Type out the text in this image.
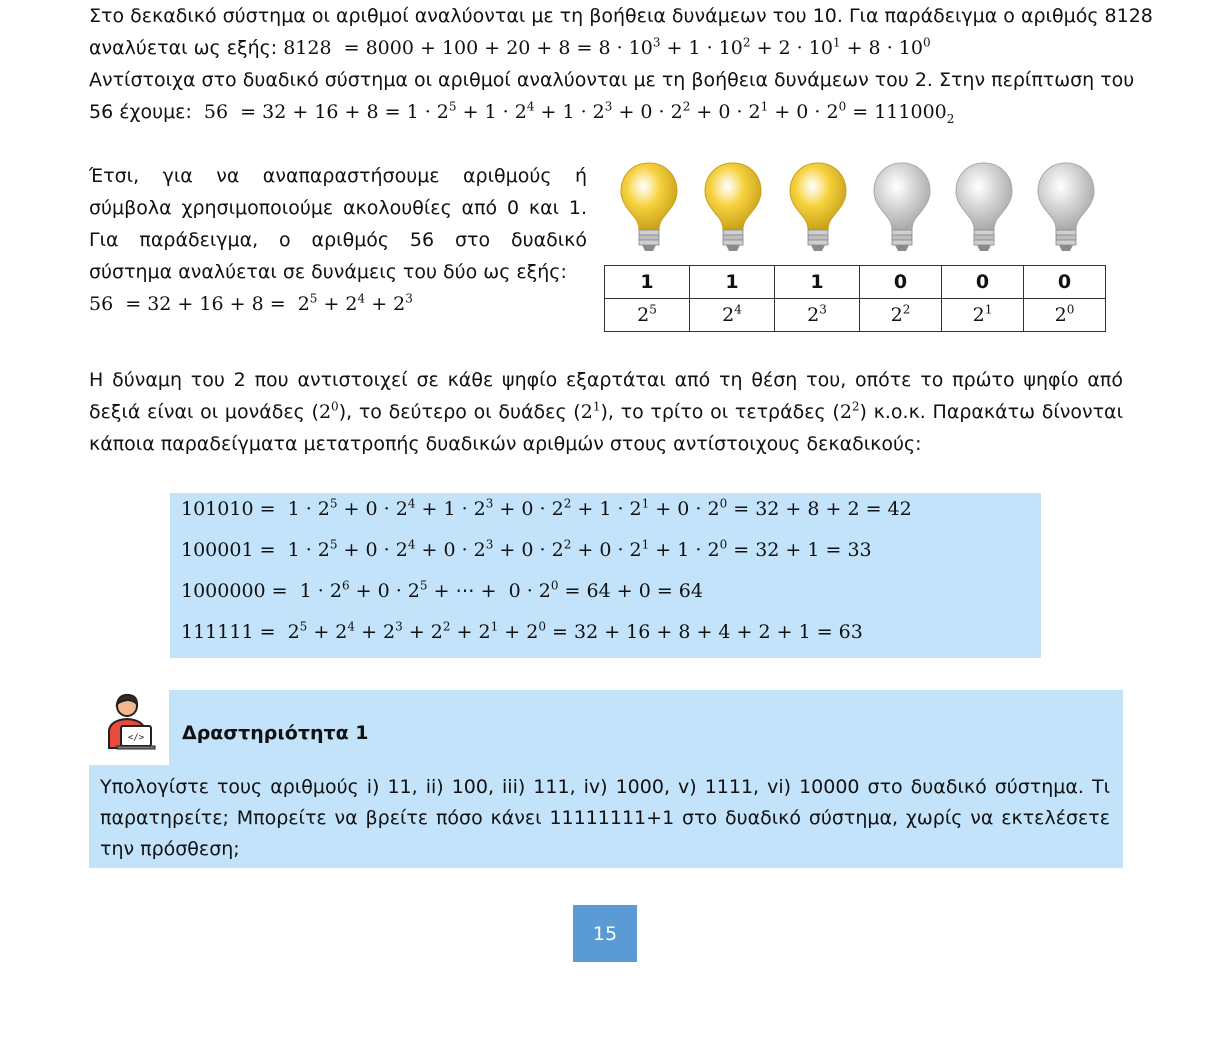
Στο δεκαδικό σύστημα οι αριθμοί αναλύονται με τη βοήθεια δυνάμεων του 10. Για παράδειγμα ο αριθμός 8128
αναλύεται ως εξής: $8128 = 8000 + 100 + 20 + 8 = 8 \cdot 10^3 + 1 \cdot 10^2 + 2 \cdot 10^1 + 8 \cdot 10^0$
Αντίστοιχα στο δυαδικό σύστημα οι αριθμοί αναλύονται με τη βοήθεια δυνάμεων του 2. Στην περίπτωση του
56 έχουμε:  $56 = 32 + 16 + 8 = 1 \cdot 2^5 + 1 \cdot 2^4 + 1 \cdot 2^3 + 0 \cdot 2^2 + 0 \cdot 2^1 + 0 \cdot 2^0 = 111000_2$

Έτσι, για να αναπαραστήσουμε αριθμούς ή σύμβολα χρησιμοποιούμε ακολουθίες από 0 και 1. Για παράδειγμα, ο αριθμός 56 στο δυαδικό σύστημα αναλύεται σε δυνάμεις του δύο ως εξής:

$56 = 32 + 16 + 8 = 2^5 + 2^4 + 2^3$
1	1	1	0	0	0
$2^5$	$2^4$	$2^3$	$2^2$	$2^1$	$2^0$
Η δύναμη του 2 που αντιστοιχεί σε κάθε ψηφίο εξαρτάται από τη θέση του, οπότε το πρώτο ψηφίο από δεξιά είναι οι μονάδες $(2^0)$, το δεύτερο οι δυάδες $(2^1)$, το τρίτο οι τετράδες $(2^2)$ κ.ο.κ. Παρακάτω δίνονται κάποια παραδείγματα μετατροπής δυαδικών αριθμών στους αντίστοιχους δεκαδικούς:
$101010 = 1 \cdot 2^5 + 0 \cdot 2^4 + 1 \cdot 2^3 + 0 \cdot 2^2 + 1 \cdot 2^1 + 0 \cdot 2^0 = 32 + 8 + 2 = 42$
$100001 = 1 \cdot 2^5 + 0 \cdot 2^4 + 0 \cdot 2^3 + 0 \cdot 2^2 + 0 \cdot 2^1 + 1 \cdot 2^0 = 32 + 1 = 33$
$1000000 = 1 \cdot 2^6 + 0 \cdot 2^5$ + ⋯ +  $0 \cdot 2^0 = 64 + 0 = 64$
$111111 = 2^5 + 2^4 + 2^3 + 2^2 + 2^1 + 2^0 = 32 + 16 + 8 + 4 + 2 + 1 = 63$
</> Δραστηριότητα 1
Υπολογίστε τους αριθμούς i) 11, ii) 100, iii) 111, iv) 1000, v) 1111, vi) 10000 στο δυαδικό σύστημα. Τι παρατηρείτε; Μπορείτε να βρείτε πόσο κάνει 11111111+1 στο δυαδικό σύστημα, χωρίς να εκτελέσετε την πρόσθεση;
15
